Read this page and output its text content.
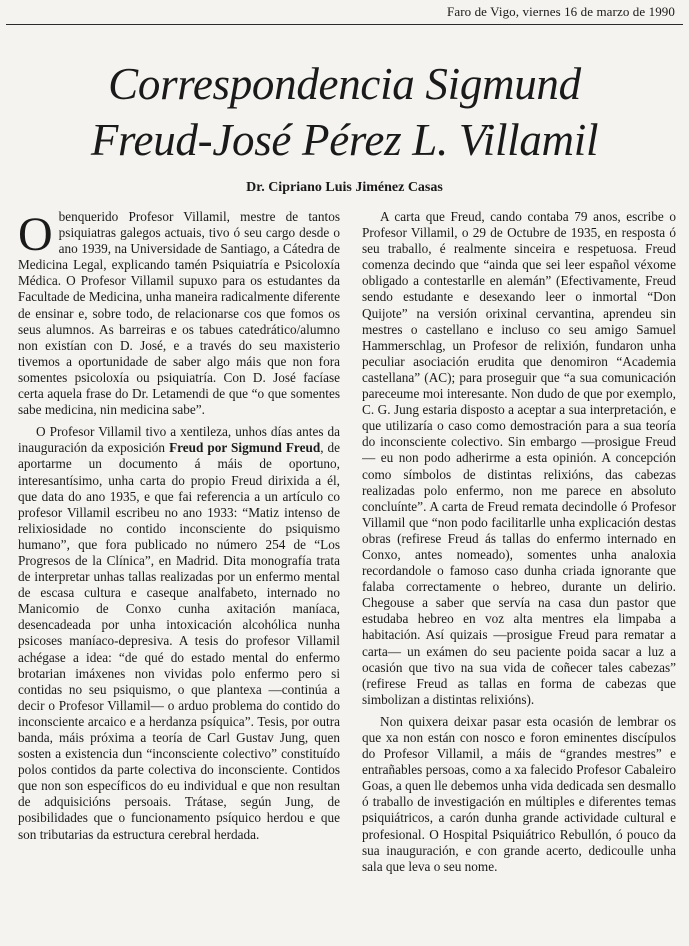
Faro de Vigo, viernes 16 de marzo de 1990
Correspondencia Sigmund
Freud-José Pérez L. Villamil

Dr. Cipriano Luis Jiménez Casas

O benquerido Profesor Villamil, mestre de tantos psiquiatras galegos actuais, tivo ó seu cargo desde o ano 1939, na Universidade de Santiago, a Cátedra de Medicina Legal, explicando tamén Psiquiatría e Psicoloxía Médica. O Profesor Villamil supuxo para os estudantes da Facultade de Medicina, unha maneira radicalmente diferente de ensinar e, sobre todo, de relacionarse cos que fomos os seus alumnos. As barreiras e os tabues catedrático/alumno non existían con D. José, e a través do seu maxisterio tivemos a oportunidade de saber algo máis que non fora somentes psicoloxía ou psiquiatría. Con D. José facíase certa aquela frase do Dr. Letamendi de que “o que somentes sabe medicina, nin medicina sabe”.

O Profesor Villamil tivo a xentileza, unhos días antes da inauguración da exposición Freud por Sigmund Freud, de aportarme un documento á máis de oportuno, interesantísimo, unha carta do propio Freud dirixida a él, que data do ano 1935, e que fai referencia a un artículo co profesor Villamil escribeu no ano 1933: “Matiz intenso de relixiosidade no contido inconsciente do psiquismo humano”, que fora publicado no número 254 de “Los Progresos de la Clínica”, en Madrid. Dita monografía trata de interpretar unhas tallas realizadas por un enfermo mental de escasa cultura e caseque analfabeto, internado no Manicomio de Conxo cunha axitación maníaca, desencadeada por unha intoxicación alcohólica nunha psicoses maníaco-depresiva. A tesis do profesor Villamil achégase a idea: “de qué do estado mental do enfermo brotarian imáxenes non vividas polo enfermo pero si contidas no seu psiquismo, o que plantexa —continúa a decir o Profesor Villamil— o arduo problema do contido do inconsciente arcaico e a herdanza psíquica”. Tesis, por outra banda, máis próxima a teoría de Carl Gustav Jung, quen sosten a existencia dun “inconsciente colectivo” constituído polos contidos da parte colectiva do inconsciente. Contidos que non son específicos do eu individual e que non resultan de adquisicións persoais. Trátase, según Jung, de posibilidades que o funcionamento psíquico herdou e que son tributarias da estructura cerebral herdada.

A carta que Freud, cando contaba 79 anos, escribe o Profesor Villamil, o 29 de Octubre de 1935, en resposta ó seu traballo, é realmente sinceira e respetuosa. Freud comenza decindo que “ainda que sei leer español véxome obligado a contestarlle en alemán” (Efectivamente, Freud sendo estudante e desexando leer o inmortal “Don Quijote” na versión orixinal cervantina, aprendeu sin mestres o castellano e incluso co seu amigo Samuel Hammerschlag, un Profesor de relixión, fundaron unha peculiar asociación erudita que denomiron “Academia castellana” (AC); para proseguir que “a sua comunicación pareceume moi interesante. Non dudo de que por exemplo, C. G. Jung estaria disposto a aceptar a sua interpretación, e que utilizaría o caso como demostración para a sua teoría do inconsciente colectivo. Sin embargo —prosigue Freud— eu non podo adherirme a esta opinión. A concepción como símbolos de distintas relixións, das cabezas realizadas polo enfermo, non me parece en absoluto concluínte”. A carta de Freud remata decindolle ó Profesor Villamil que “non podo facilitarlle unha explicación destas obras (refirese Freud ás tallas do enfermo internado en Conxo, antes nomeado), somentes unha analoxia recordandole o famoso caso dunha criada ignorante que falaba correctamente o hebreo, durante un delirio. Chegouse a saber que servía na casa dun pastor que estudaba hebreo en voz alta mentres ela limpaba a habitación. Así quizais —prosigue Freud para rematar a carta— un exámen do seu paciente poida sacar a luz a ocasión que tivo na sua vida de coñecer tales cabezas” (refirese Freud as tallas en forma de cabezas que simbolizan a distintas relixións).

Non quixera deixar pasar esta ocasión de lembrar os que xa non están con nosco e foron eminentes discípulos do Profesor Villamil, a máis de “grandes mestres” e entrañables persoas, como a xa falecido Profesor Cabaleiro Goas, a quen lle debemos unha vida dedicada sen desmallo ó traballo de investigación en múltiples e diferentes temas psiquiátricos, a carón dunha grande actividade cultural e profesional. O Hospital Psiquiátrico Rebullón, ó pouco da sua inauguración, e con grande acerto, dedicoulle unha sala que leva o seu nome.
